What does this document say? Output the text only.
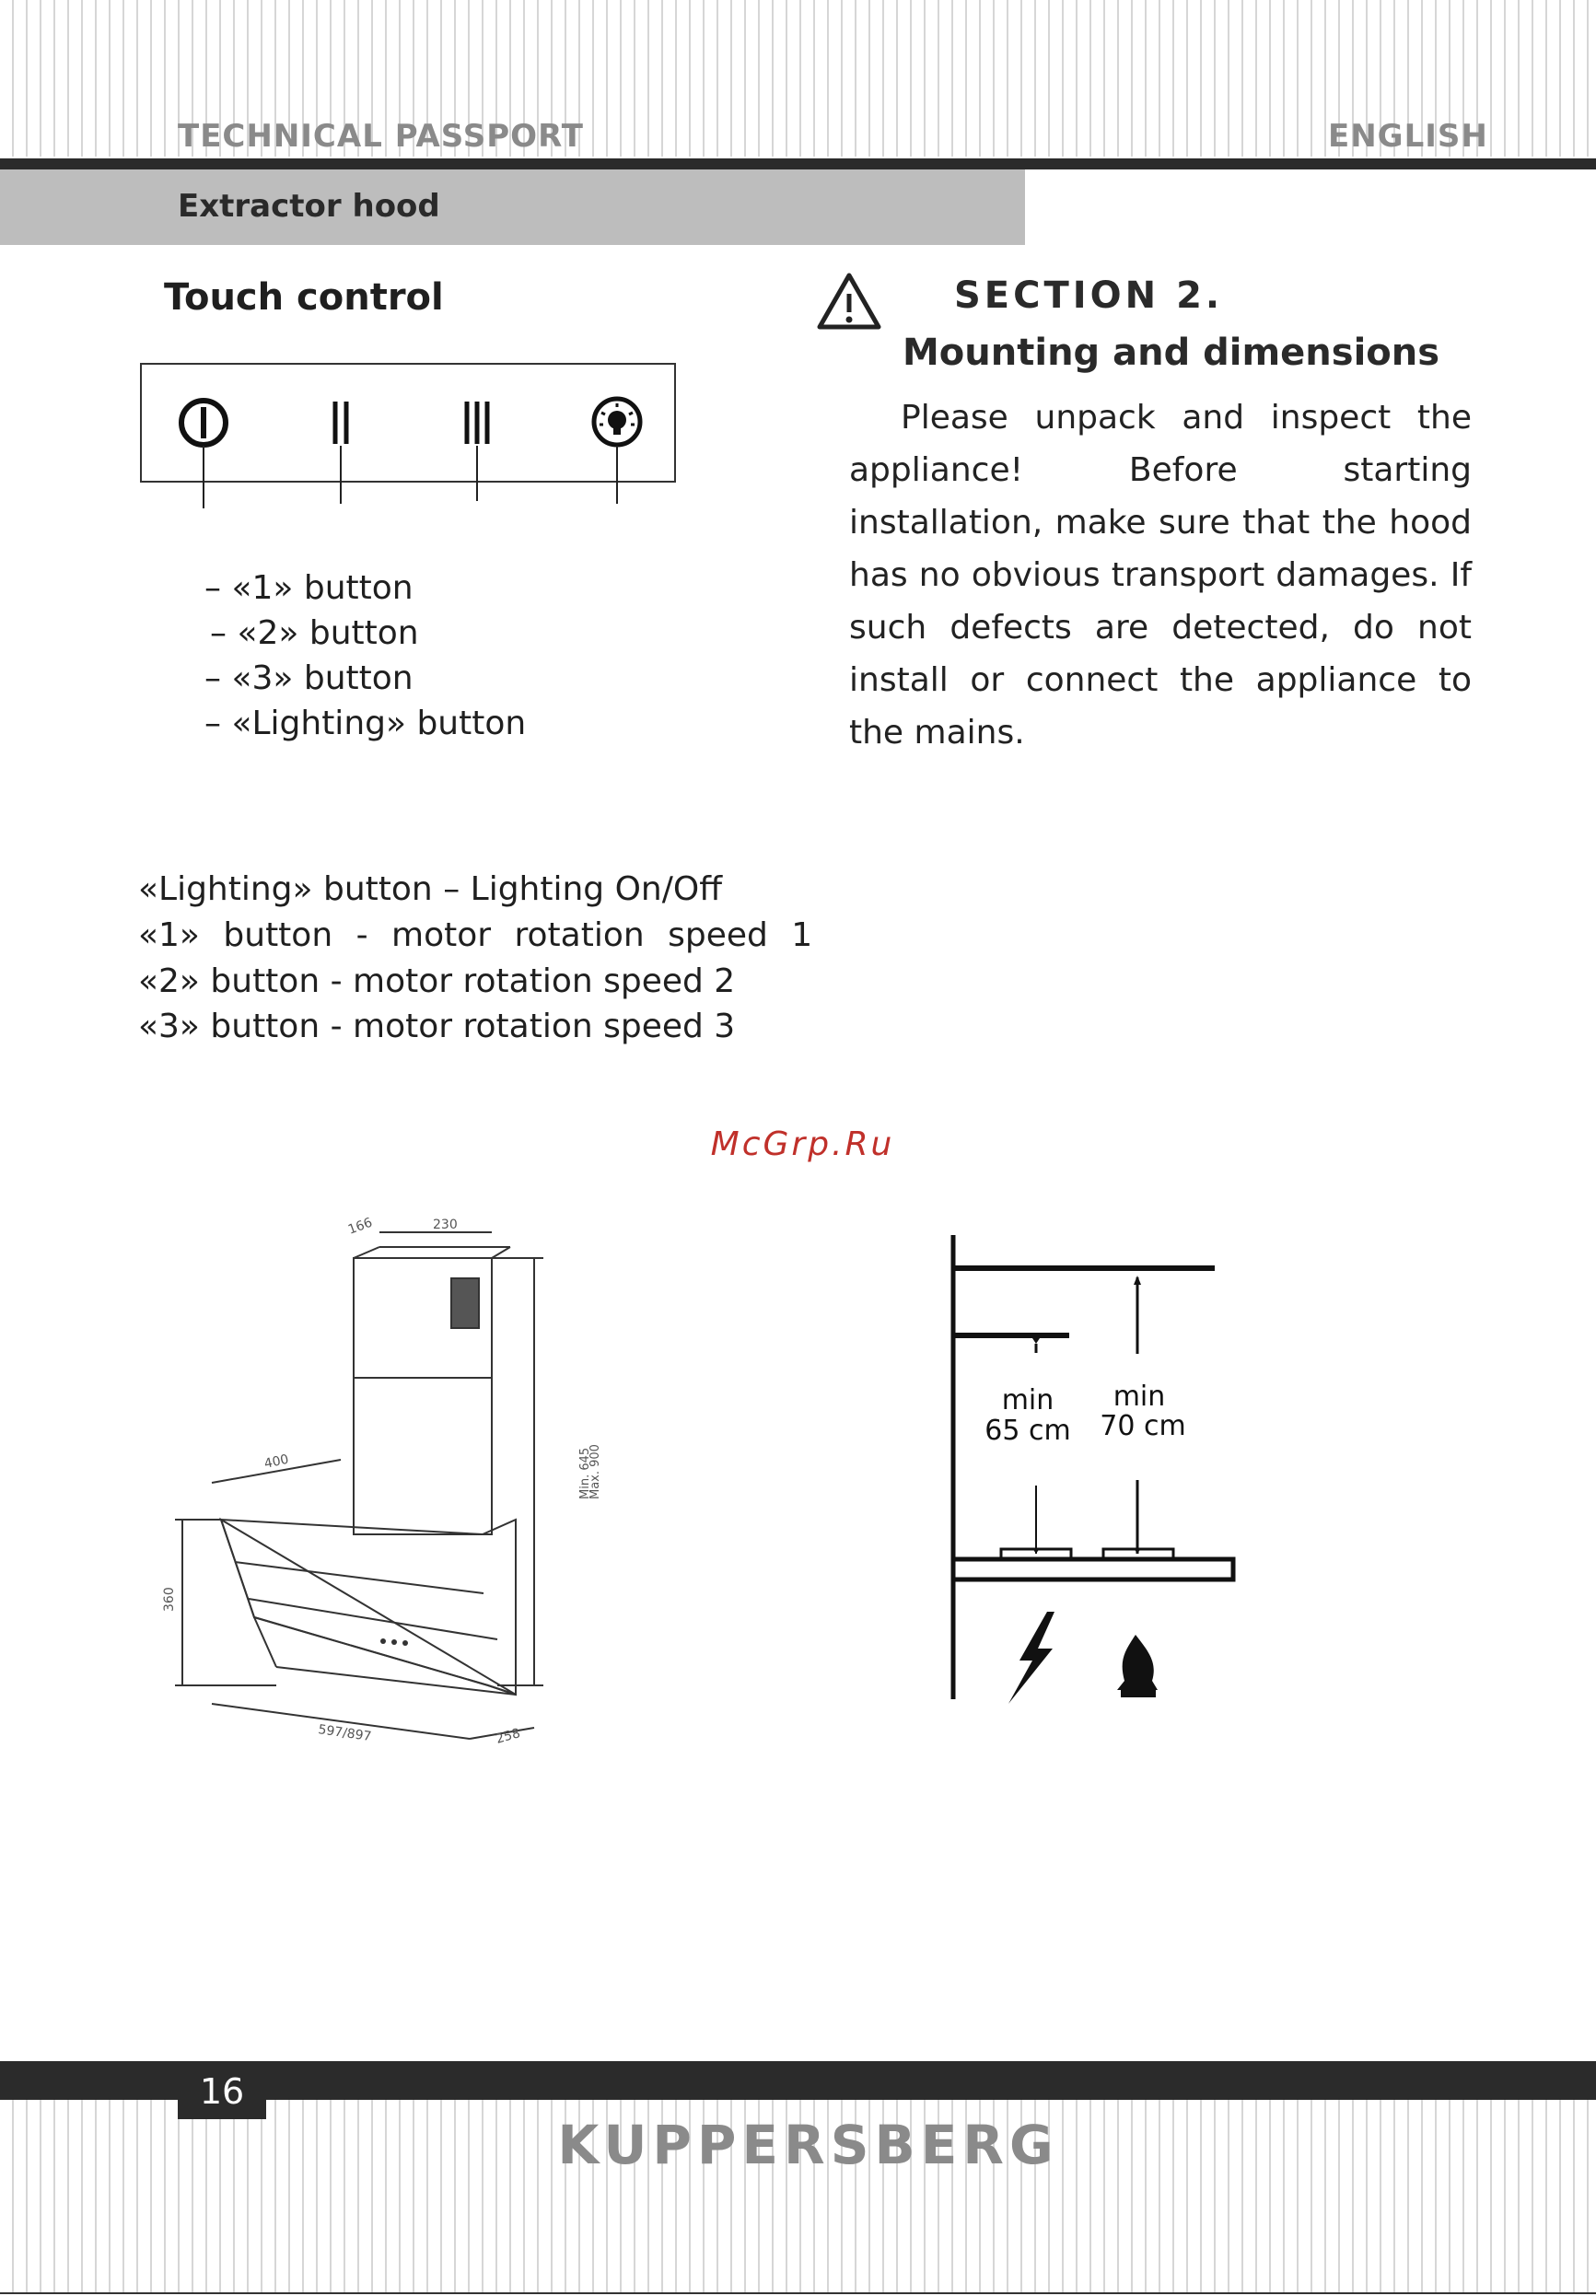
TECHNICAL PASSPORT	ENGLISH
Extractor hood
Touch control
– «1» button
– «2» button
– «3» button
– «Lighting» button
«Lighting» button – Lighting On/Off
«1» button - motor rotation speed 1
«2» button - motor rotation speed 2
«3» button - motor rotation speed 3
SECTION 2.
Mounting and dimensions
Please unpack and inspect the appliance! Before starting installation, make sure that the hood has no obvious transport damages. If such defects are detected, do not install or connect the appliance to the mains.
McGrp.Ru
166	230
400
360
597/897	258
Max. 900
Min. 645
min
65 cm
min
70 cm
16
KUPPERSBERG
